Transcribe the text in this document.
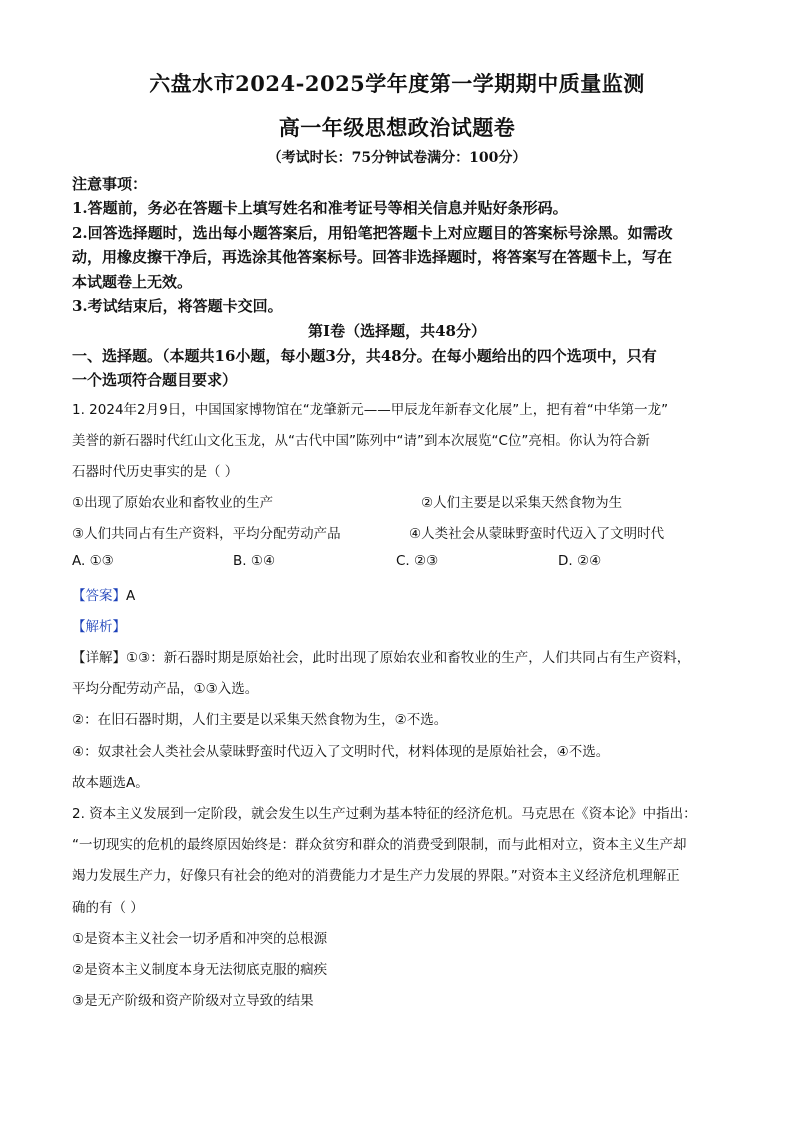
六盘水市2024-2025学年度第一学期期中质量监测
高一年级思想政治试题卷
（考试时长：75分钟试卷满分：100分）
注意事项：
1.答题前，务必在答题卡上填写姓名和准考证号等相关信息并贴好条形码。
2.回答选择题时，选出每小题答案后，用铅笔把答题卡上对应题目的答案标号涂黑。如需改
动，用橡皮擦干净后，再选涂其他答案标号。回答非选择题时，将答案写在答题卡上，写在
本试题卷上无效。
3.考试结束后，将答题卡交回。
第I卷（选择题，共48分）
一、选择题。（本题共16小题，每小题3分，共48分。在每小题给出的四个选项中，只有
一个选项符合题目要求）
1. 2024年2月9日，中国国家博物馆在“龙肇新元——甲辰龙年新春文化展”上，把有着“中华第一龙”
美誉的新石器时代红山文化玉龙，从“古代中国”陈列中“请”到本次展览“C位”亮相。你认为符合新
石器时代历史事实的是（ ）
①出现了原始农业和畜牧业的生产	②人们主要是以采集天然食物为生
③人们共同占有生产资料，平均分配劳动产品	④人类社会从蒙昧野蛮时代迈入了文明时代
A. ①③	B. ①④	C. ②③	D. ②④
【答案】A
【解析】
【详解】①③：新石器时期是原始社会，此时出现了原始农业和畜牧业的生产，人们共同占有生产资料，
平均分配劳动产品，①③入选。
②：在旧石器时期，人们主要是以采集天然食物为生，②不选。
④：奴隶社会人类社会从蒙昧野蛮时代迈入了文明时代，材料体现的是原始社会，④不选。
故本题选A。
2. 资本主义发展到一定阶段，就会发生以生产过剩为基本特征的经济危机。马克思在《资本论》中指出：
“一切现实的危机的最终原因始终是：群众贫穷和群众的消费受到限制，而与此相对立，资本主义生产却
竭力发展生产力，好像只有社会的绝对的消费能力才是生产力发展的界限。”对资本主义经济危机理解正
确的有（ ）
①是资本主义社会一切矛盾和冲突的总根源
②是资本主义制度本身无法彻底克服的痼疾
③是无产阶级和资产阶级对立导致的结果
